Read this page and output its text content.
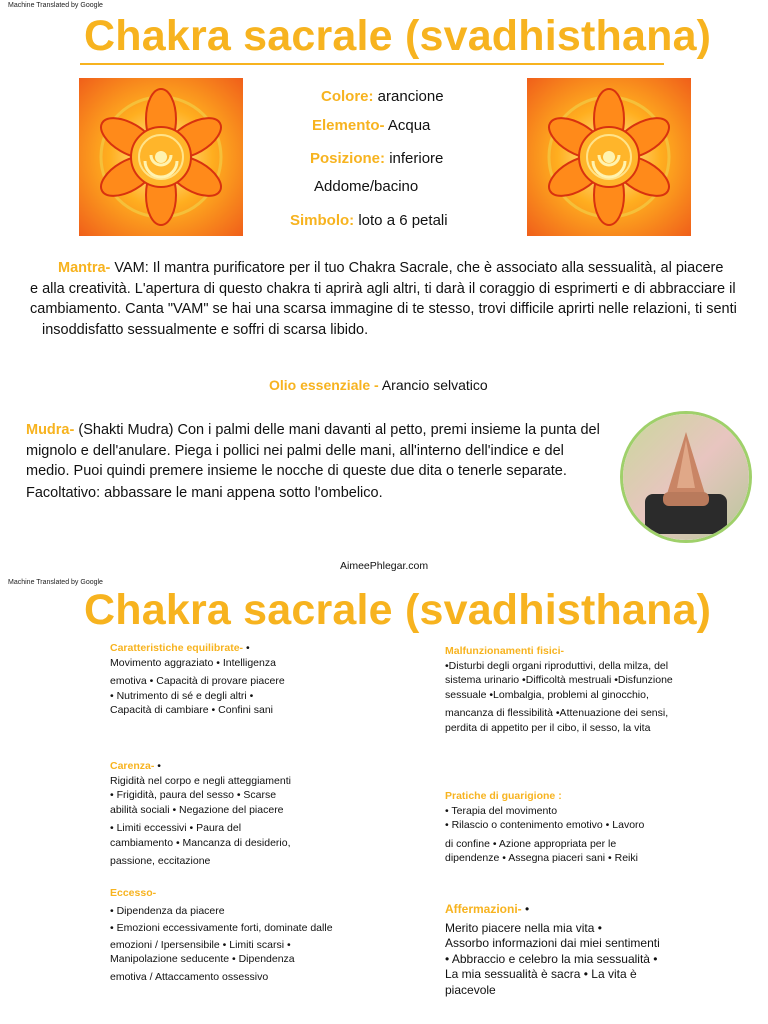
Machine Translated by Google
Chakra sacrale (svadhisthana)
Colore: arancione
Elemento- Acqua
Posizione: inferiore
Addome/bacino
Simbolo: loto a 6 petali
Mantra- VAM: Il mantra purificatore per il tuo Chakra Sacrale, che è associato alla sessualità, al piacere
e alla creatività. L'apertura di questo chakra ti aprirà agli altri, ti darà il coraggio di esprimerti e di abbracciare il
cambiamento. Canta "VAM" se hai una scarsa immagine di te stesso, trovi difficile aprirti nelle relazioni, ti senti
insoddisfatto sessualmente e soffri di scarsa libido.
Olio essenziale - Arancio selvatico
Mudra- (Shakti Mudra) Con i palmi delle mani davanti al petto, premi insieme la punta del
mignolo e dell'anulare. Piega i pollici nei palmi delle mani, all'interno dell'indice e del
medio. Puoi quindi premere insieme le nocche di queste due dita o tenerle separate.
Facoltativo: abbassare le mani appena sotto l'ombelico.
AimeePhlegar.com
Machine Translated by Google
Chakra sacrale (svadhisthana)
Caratteristiche equilibrate- •
Movimento aggraziato • Intelligenza
emotiva • Capacità di provare piacere
• Nutrimento di sé e degli altri •
Capacità di cambiare • Confini sani
Malfunzionamenti fisici-
•Disturbi degli organi riproduttivi, della milza, del
sistema urinario •Difficoltà mestruali •Disfunzione
sessuale •Lombalgia, problemi al ginocchio,
mancanza di flessibilità •Attenuazione dei sensi,
perdita di appetito per il cibo, il sesso, la vita
Carenza- •
Rigidità nel corpo e negli atteggiamenti
• Frigidità, paura del sesso • Scarse
abilità sociali • Negazione del piacere
• Limiti eccessivi • Paura del
cambiamento • Mancanza di desiderio,
passione, eccitazione
Pratiche di guarigione :
• Terapia del movimento
• Rilascio o contenimento emotivo • Lavoro
di confine • Azione appropriata per le
dipendenze • Assegna piaceri sani • Reiki
Eccesso-
• Dipendenza da piacere
• Emozioni eccessivamente forti, dominate dalle
emozioni / Ipersensibile • Limiti scarsi •
Manipolazione seducente • Dipendenza
emotiva / Attaccamento ossessivo
Affermazioni- •
Merito piacere nella mia vita •
Assorbo informazioni dai miei sentimenti
• Abbraccio e celebro la mia sessualità •
La mia sessualità è sacra • La vita è
piacevole
